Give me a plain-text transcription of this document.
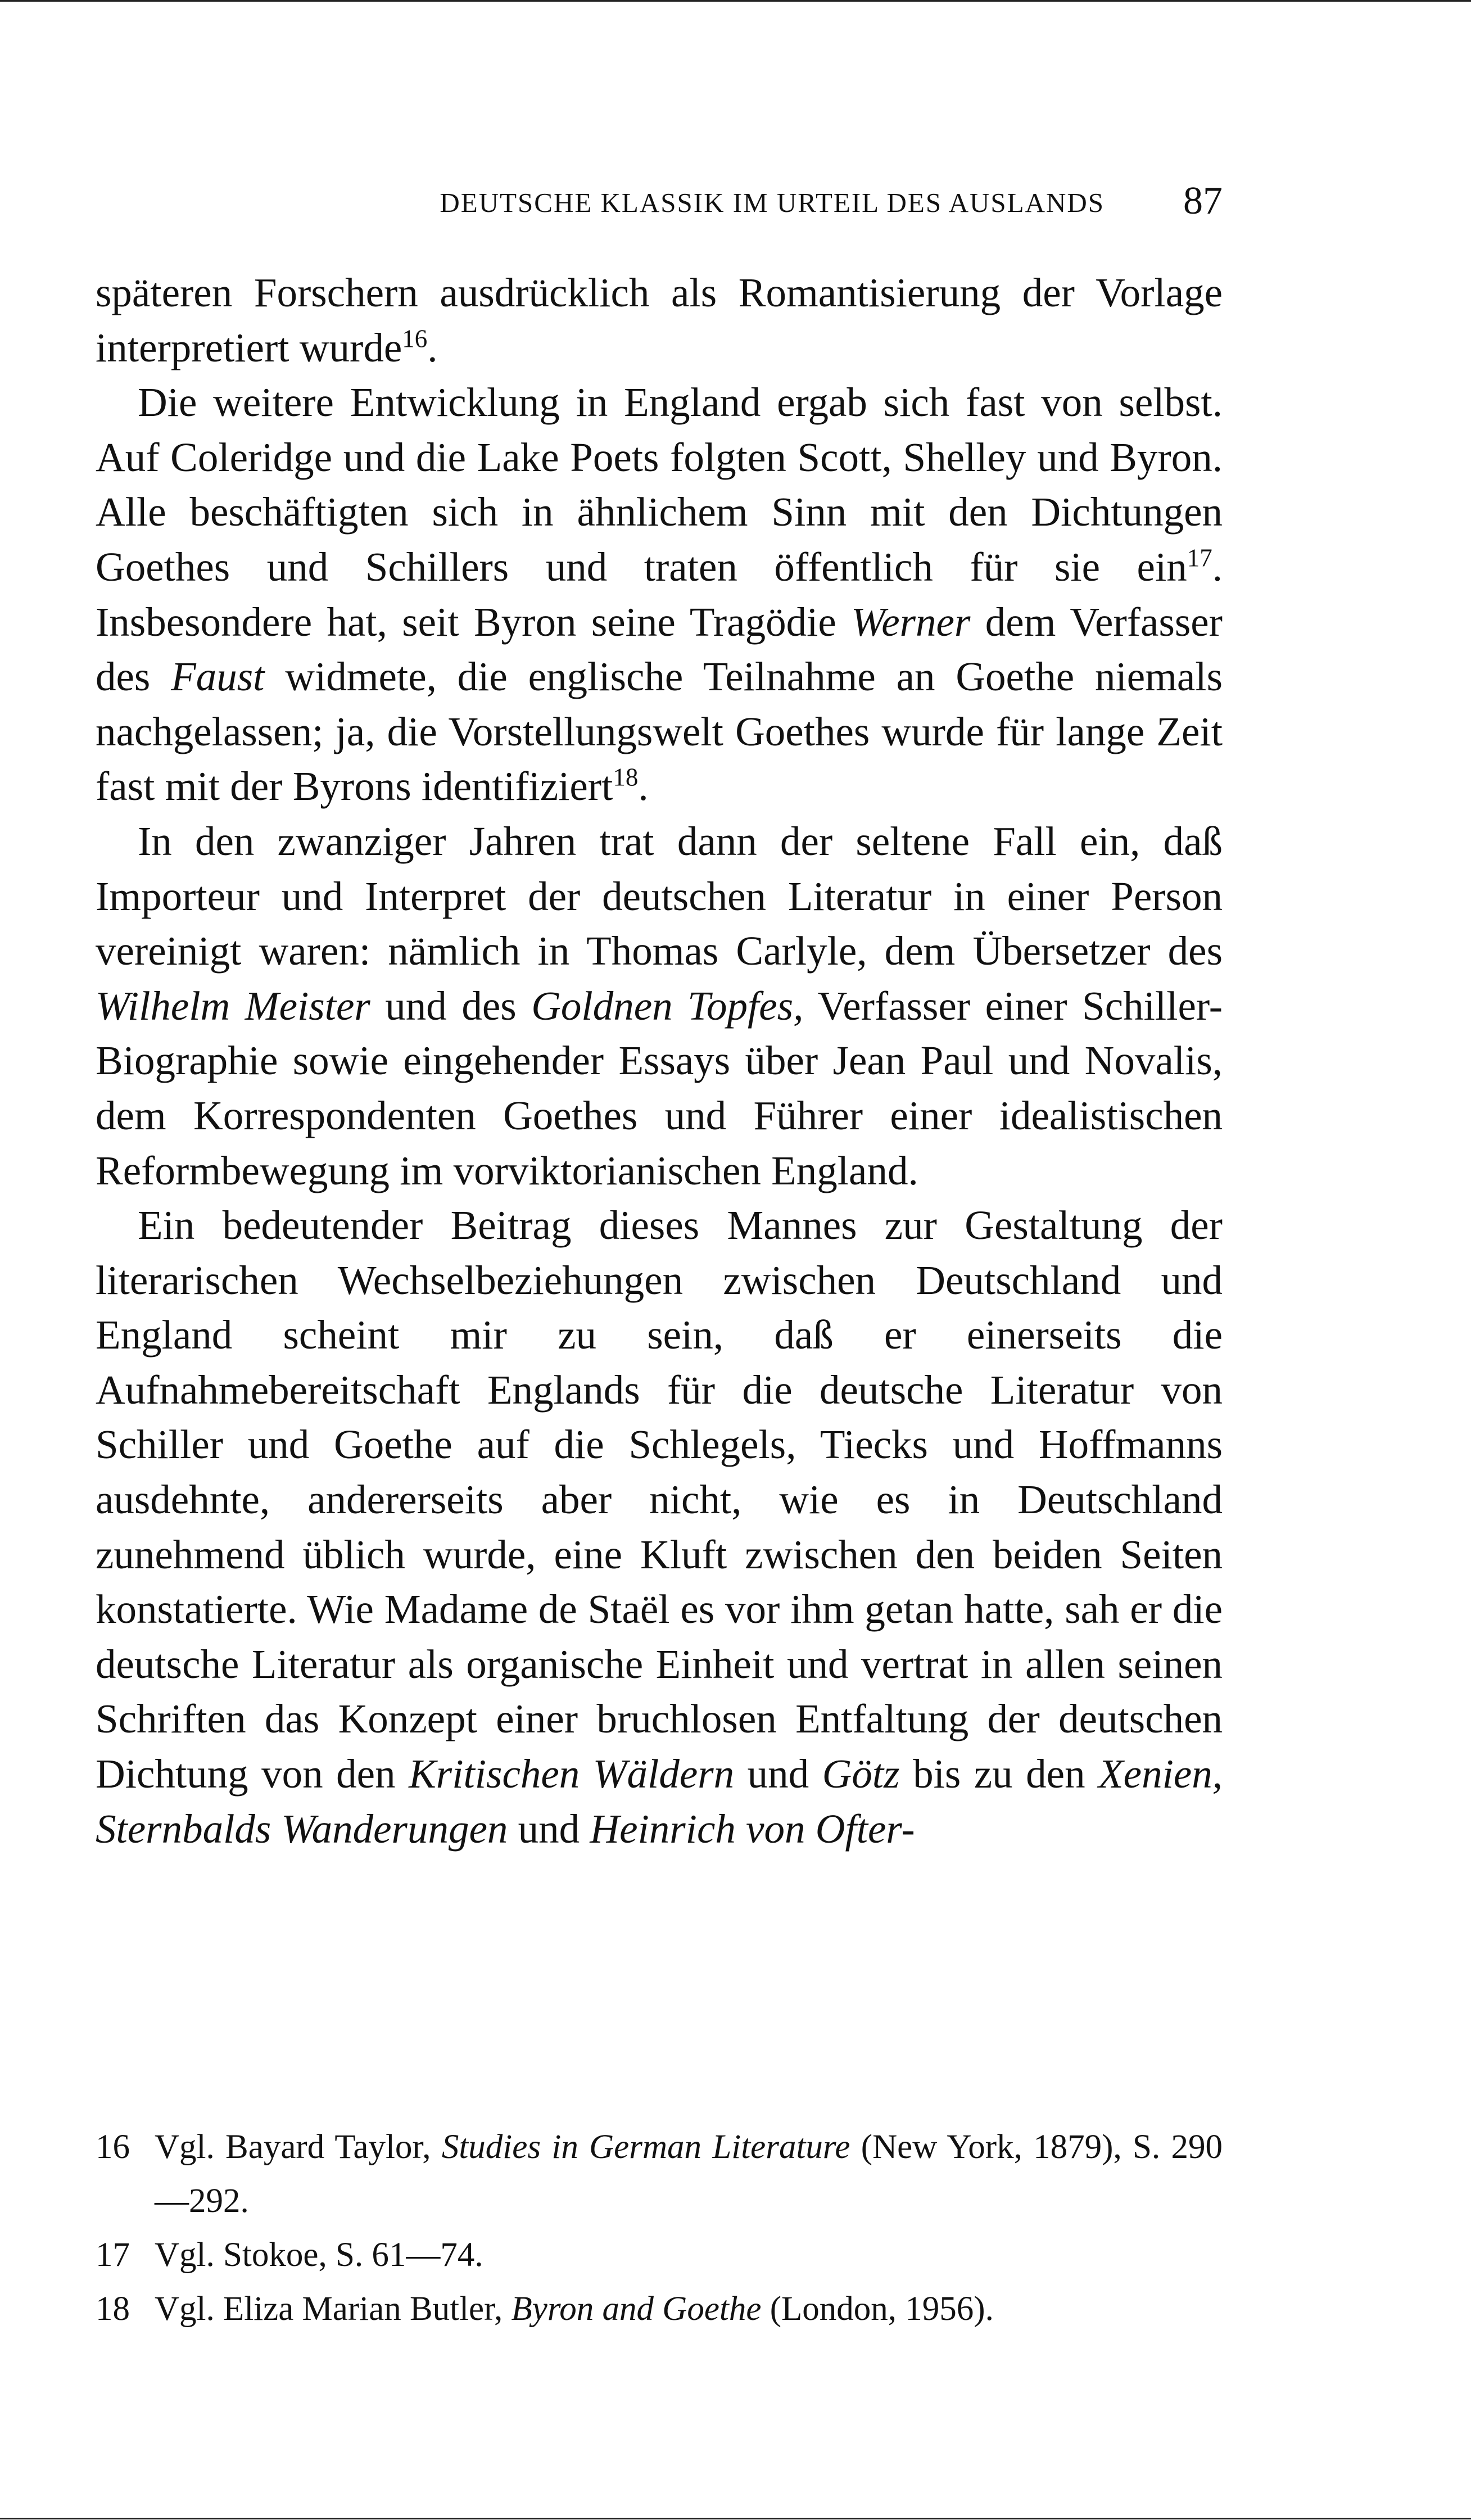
DEUTSCHE KLASSIK IM URTEIL DES AUSLANDS 87

späteren Forschern ausdrücklich als Romantisierung der Vorlage interpretiert wurde$^{16}$.

Die weitere Entwicklung in England ergab sich fast von selbst. Auf Coleridge und die Lake Poets folgten Scott, Shelley und Byron. Alle beschäftigten sich in ähnlichem Sinn mit den Dichtungen Goethes und Schillers und traten öffentlich für sie ein$^{17}$. Insbesondere hat, seit Byron seine Tragödie Werner dem Verfasser des Faust widmete, die englische Teilnahme an Goethe niemals nachgelassen; ja, die Vorstellungswelt Goethes wurde für lange Zeit fast mit der Byrons identifiziert$^{18}$.

In den zwanziger Jahren trat dann der seltene Fall ein, daß Importeur und Interpret der deutschen Literatur in einer Person vereinigt waren: nämlich in Thomas Carlyle, dem Übersetzer des Wilhelm Meister und des Goldnen Topfes, Verfasser einer Schiller-Biographie sowie eingehender Essays über Jean Paul und Novalis, dem Korrespondenten Goethes und Führer einer idealistischen Reformbewegung im vorviktorianischen England.

Ein bedeutender Beitrag dieses Mannes zur Gestaltung der literarischen Wechselbeziehungen zwischen Deutschland und England scheint mir zu sein, daß er einerseits die Aufnahmebereitschaft Englands für die deutsche Literatur von Schiller und Goethe auf die Schlegels, Tiecks und Hoffmanns ausdehnte, andererseits aber nicht, wie es in Deutschland zunehmend üblich wurde, eine Kluft zwischen den beiden Seiten konstatierte. Wie Madame de Staël es vor ihm getan hatte, sah er die deutsche Literatur als organische Einheit und vertrat in allen seinen Schriften das Konzept einer bruchlosen Entfaltung der deutschen Dichtung von den Kritischen Wäldern und Götz bis zu den Xenien, Sternbalds Wanderungen und Heinrich von Ofter-

16 Vgl. Bayard Taylor, Studies in German Literature (New York, 1879), S. 290—292.
17 Vgl. Stokoe, S. 61—74.
18 Vgl. Eliza Marian Butler, Byron and Goethe (London, 1956).
